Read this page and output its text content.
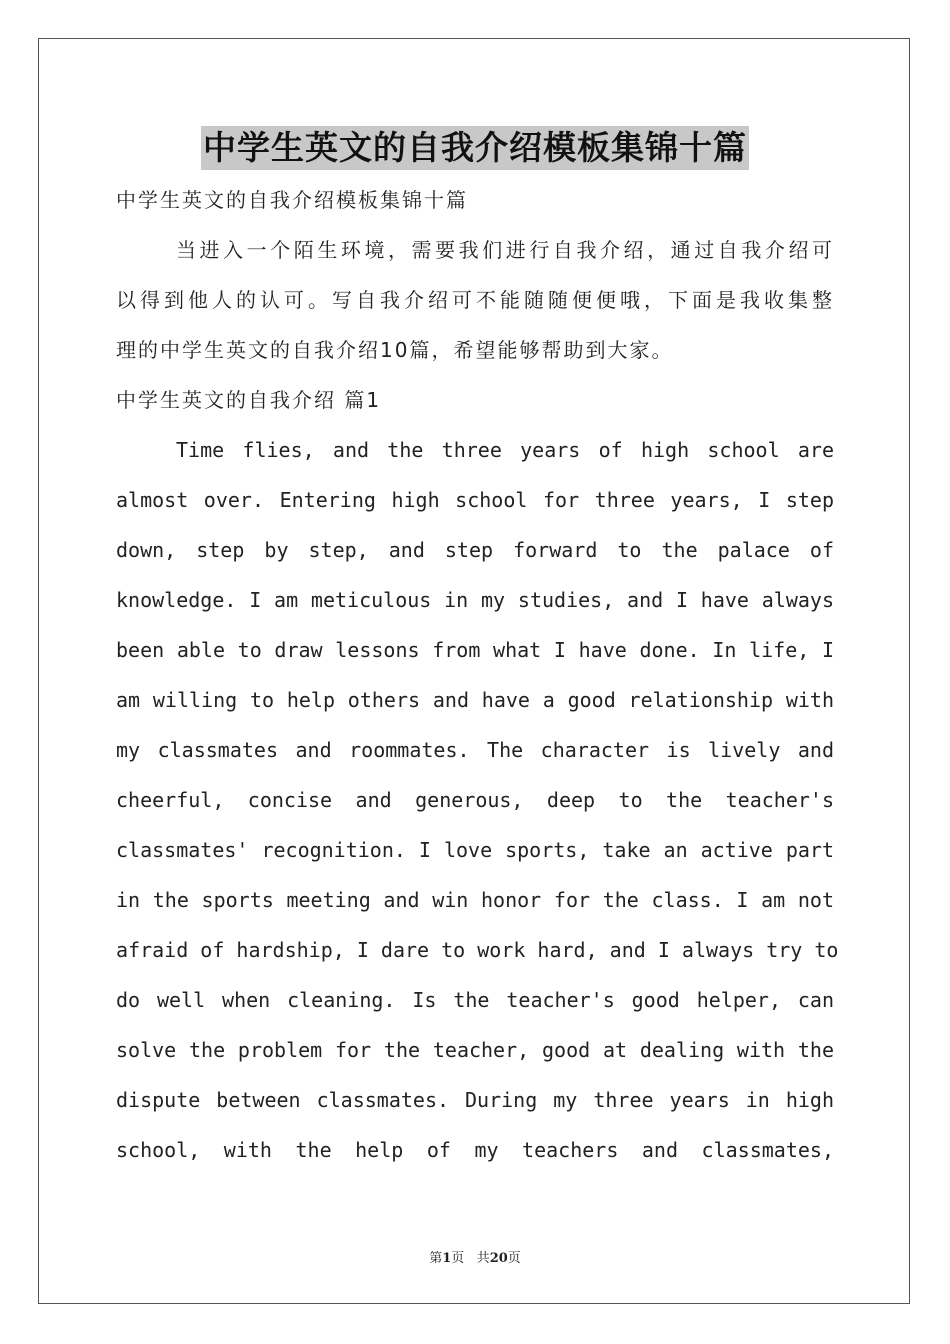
中学生英文的自我介绍模板集锦十篇
中学生英文的自我介绍模板集锦十篇
当进入一个陌生环境，需要我们进行自我介绍，通过自我介绍可
以得到他人的认可。写自我介绍可不能随随便便哦，下面是我收集整
理的中学生英文的自我介绍10篇，希望能够帮助到大家。
中学生英文的自我介绍 篇1
Time flies, and the three years of high school are
almost over. Entering high school for three years, I step
down, step by step, and step forward to the palace of
knowledge. I am meticulous in my studies, and I have always
been able to draw lessons from what I have done. In life, I
am willing to help others and have a good relationship with
my classmates and roommates. The character is lively and
cheerful, concise and generous, deep to the teacher's
classmates' recognition. I love sports, take an active part
in the sports meeting and win honor for the class. I am not
afraid of hardship, I dare to work hard, and I always try to
do well when cleaning. Is the teacher's good helper, can
solve the problem for the teacher, good at dealing with the
dispute between classmates. During my three years in high
school, with the help of my teachers and classmates,
第1页 共20页
